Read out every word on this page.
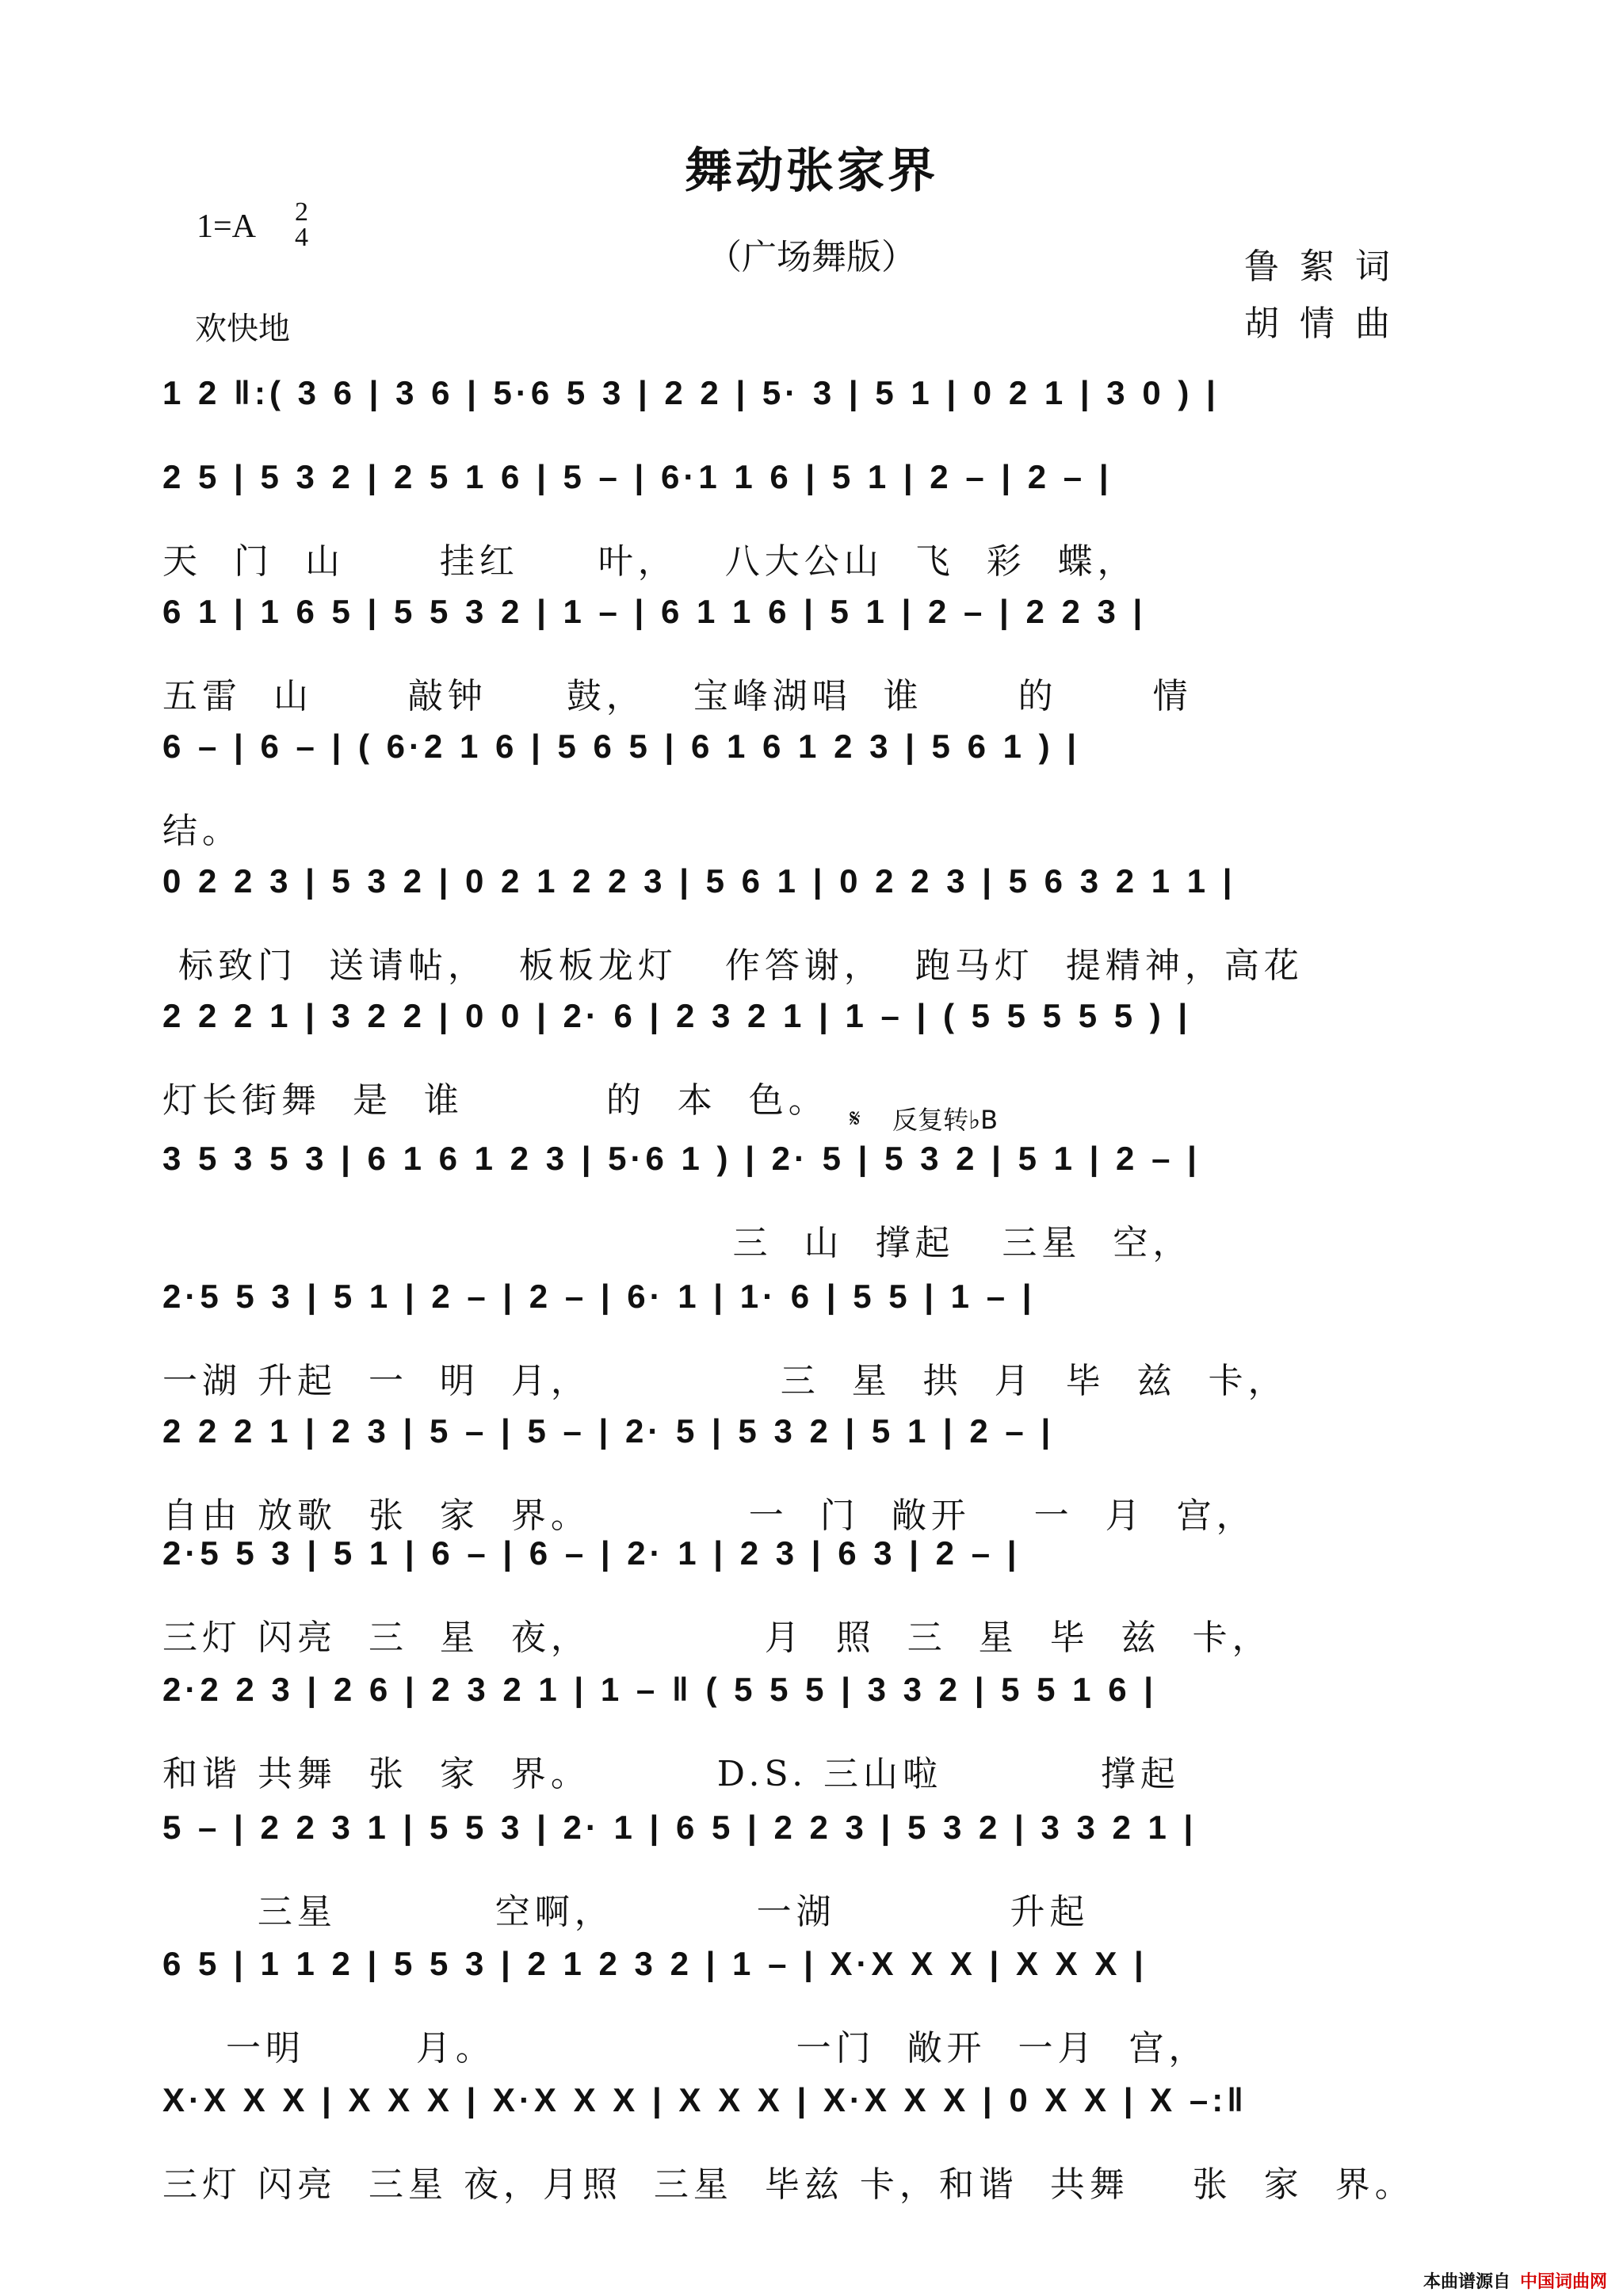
舞动张家界
1=A 2
4	（广场舞版）	鲁絮词
胡情曲
欢快地
𝄋 反复转♭B
1 2 ‖:( 3 6 | 3 6 | 5·6 5 3 | 2 2 | 5· 3 | 5 1 | 0 2 1 | 3 0 ) |
2 5 | 5 3 2 | 2 5 1 6 | 5 – | 6·1 1 6 | 5 1 | 2 – | 2 – |
天  门  山      挂红     叶，   八大公山  飞  彩  蝶，
6 1 | 1 6 5 | 5 5 3 2 | 1 – | 6 1 1 6 | 5 1 | 2 – | 2 2 3 |
五雷  山      敲钟     鼓，   宝峰湖唱  谁      的      情
6 – | 6 – | ( 6·2 1 6 | 5 6 5 | 6 1 6 1 2 3 | 5 6 1 ) |
结。
0 2 2 3 | 5 3 2 | 0 2 1 2 2 3 | 5 6 1 | 0 2 2 3 | 5 6 3 2 1 1 |
标致门  送请帖，  板板龙灯   作答谢，  跑马灯  提精神，高花
2 2 2 1 | 3 2 2 | 0 0 | 2· 6 | 2 3 2 1 | 1 – | ( 5 5 5 5 5 ) |
灯长街舞  是  谁         的  本  色。
3 5 3 5 3 | 6 1 6 1 2 3 | 5·6 1 ) | 2· 5 | 5 3 2 | 5 1 | 2 – |
三  山  撑起   三星  空，
2·5 5 3 | 5 1 | 2 – | 2 – | 6· 1 | 1· 6 | 5 5 | 1 – |
一湖 升起  一  明  月，            三  星  拱  月  毕  兹  卡，
2 2 2 1 | 2 3 | 5 – | 5 – | 2· 5 | 5 3 2 | 5 1 | 2 – |
自由 放歌  张  家  界。          一  门  敞开    一  月  宫，
2·5 5 3 | 5 1 | 6 – | 6 – | 2· 1 | 2 3 | 6 3 | 2 – |
三灯 闪亮  三  星  夜，           月  照  三  星  毕  兹  卡，
2·2 2 3 | 2 6 | 2 3 2 1 | 1 – ‖ ( 5 5 5 | 3 3 2 | 5 5 1 6 |
和谐 共舞  张  家  界。        D.S. 三山啦          撑起
5 – | 2 2 3 1 | 5 5 3 | 2· 1 | 6 5 | 2 2 3 | 5 3 2 | 3 3 2 1 |
三星          空啊，         一湖           升起
6 5 | 1 1 2 | 5 5 3 | 2 1 2 3 2 | 1 – | X·X X X | X X X |
一明       月。                   一门  敞开  一月  宫，
X·X X X | X X X | X·X X X | X X X | X·X X X | 0 X X | X –:‖
三灯 闪亮  三星 夜，月照  三星  毕兹 卡，和谐  共舞    张  家  界。
本曲谱源自 中国词曲网
